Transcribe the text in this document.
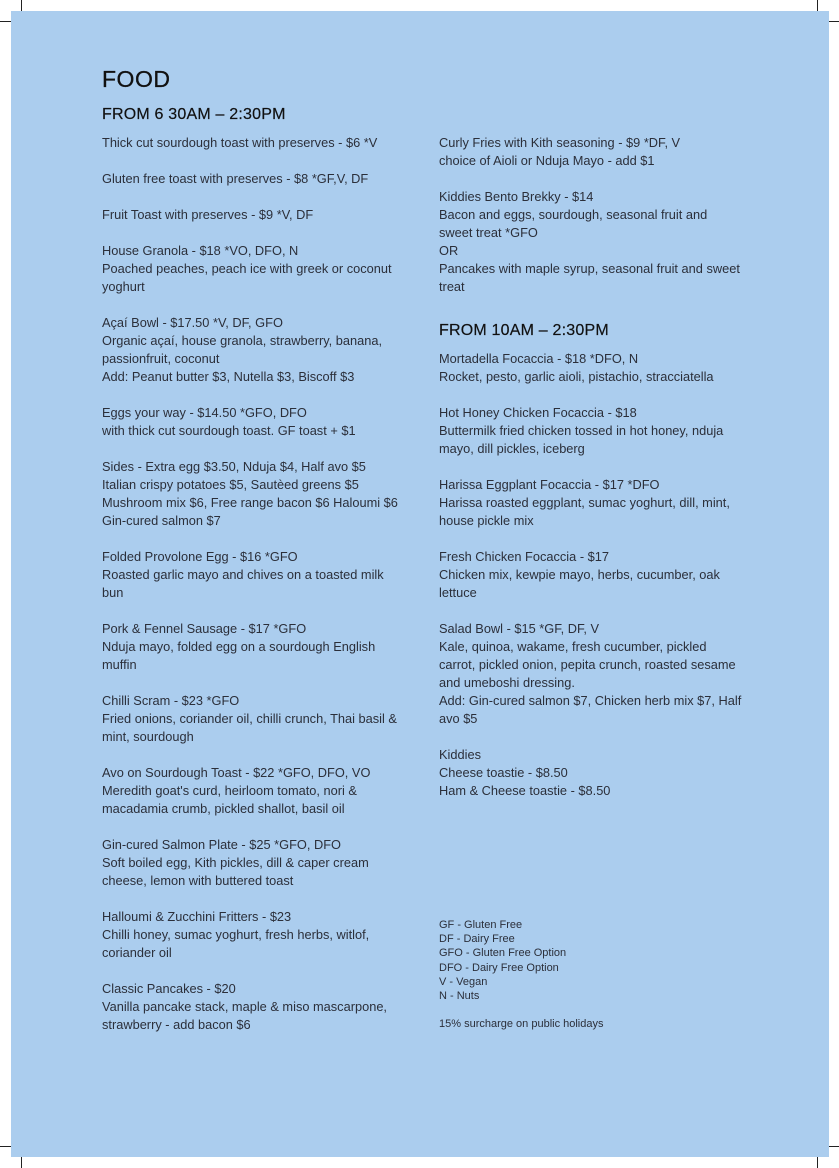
FOOD
FROM 6 30AM – 2:30PM
FROM 10AM – 2:30PM
Thick cut sourdough toast with preserves - $6 *V
Gluten free toast with preserves - $8 *GF,V, DF
Fruit Toast with preserves - $9 *V, DF
House Granola - $18 *VO, DFO, N
Poached peaches, peach ice with greek or coconut yoghurt
Açaí Bowl - $17.50 *V, DF, GFO
Organic açaí, house granola, strawberry, banana, passionfruit, coconut
Add: Peanut butter $3, Nutella $3, Biscoff $3
Eggs your way - $14.50 *GFO, DFO
with thick cut sourdough toast. GF toast + $1
Sides - Extra egg $3.50, Nduja $4, Half avo $5
Italian crispy potatoes $5, Sautèed greens $5
Mushroom mix $6, Free range bacon $6 Haloumi $6 Gin-cured salmon $7
Folded Provolone Egg - $16 *GFO
Roasted garlic mayo and chives on a toasted milk bun
Pork & Fennel Sausage - $17 *GFO
Nduja mayo, folded egg on a sourdough English muffin
Chilli Scram - $23 *GFO
Fried onions, coriander oil, chilli crunch, Thai basil & mint, sourdough
Avo on Sourdough Toast - $22 *GFO, DFO, VO
Meredith goat's curd, heirloom tomato, nori & macadamia crumb, pickled shallot, basil oil
Gin-cured Salmon Plate - $25 *GFO, DFO
Soft boiled egg, Kith pickles, dill & caper cream cheese, lemon with buttered toast
Halloumi & Zucchini Fritters - $23
Chilli honey, sumac yoghurt, fresh herbs, witlof, coriander oil
Classic Pancakes - $20
Vanilla pancake stack, maple & miso mascarpone, strawberry - add bacon $6
Curly Fries with Kith seasoning - $9 *DF, V
choice of Aioli or Nduja Mayo - add $1
Kiddies Bento Brekky - $14
Bacon and eggs, sourdough, seasonal fruit and sweet treat *GFO
OR
Pancakes with maple syrup, seasonal fruit and sweet treat
Mortadella Focaccia - $18 *DFO, N
Rocket, pesto, garlic aioli, pistachio, stracciatella
Hot Honey Chicken Focaccia - $18
Buttermilk fried chicken tossed in hot honey, nduja mayo, dill pickles, iceberg
Harissa Eggplant Focaccia - $17 *DFO
Harissa roasted eggplant, sumac yoghurt, dill, mint, house pickle mix
Fresh Chicken Focaccia - $17
Chicken mix, kewpie mayo, herbs, cucumber, oak lettuce
Salad Bowl - $15 *GF, DF, V
Kale, quinoa, wakame, fresh cucumber, pickled carrot, pickled onion, pepita crunch, roasted sesame and umeboshi dressing.
Add: Gin-cured salmon $7, Chicken herb mix $7, Half avo $5
Kiddies
Cheese toastie - $8.50
Ham & Cheese toastie - $8.50
GF - Gluten Free
DF - Dairy Free
GFO - Gluten Free Option
DFO - Dairy Free Option
V - Vegan
N - Nuts
15% surcharge on public holidays
